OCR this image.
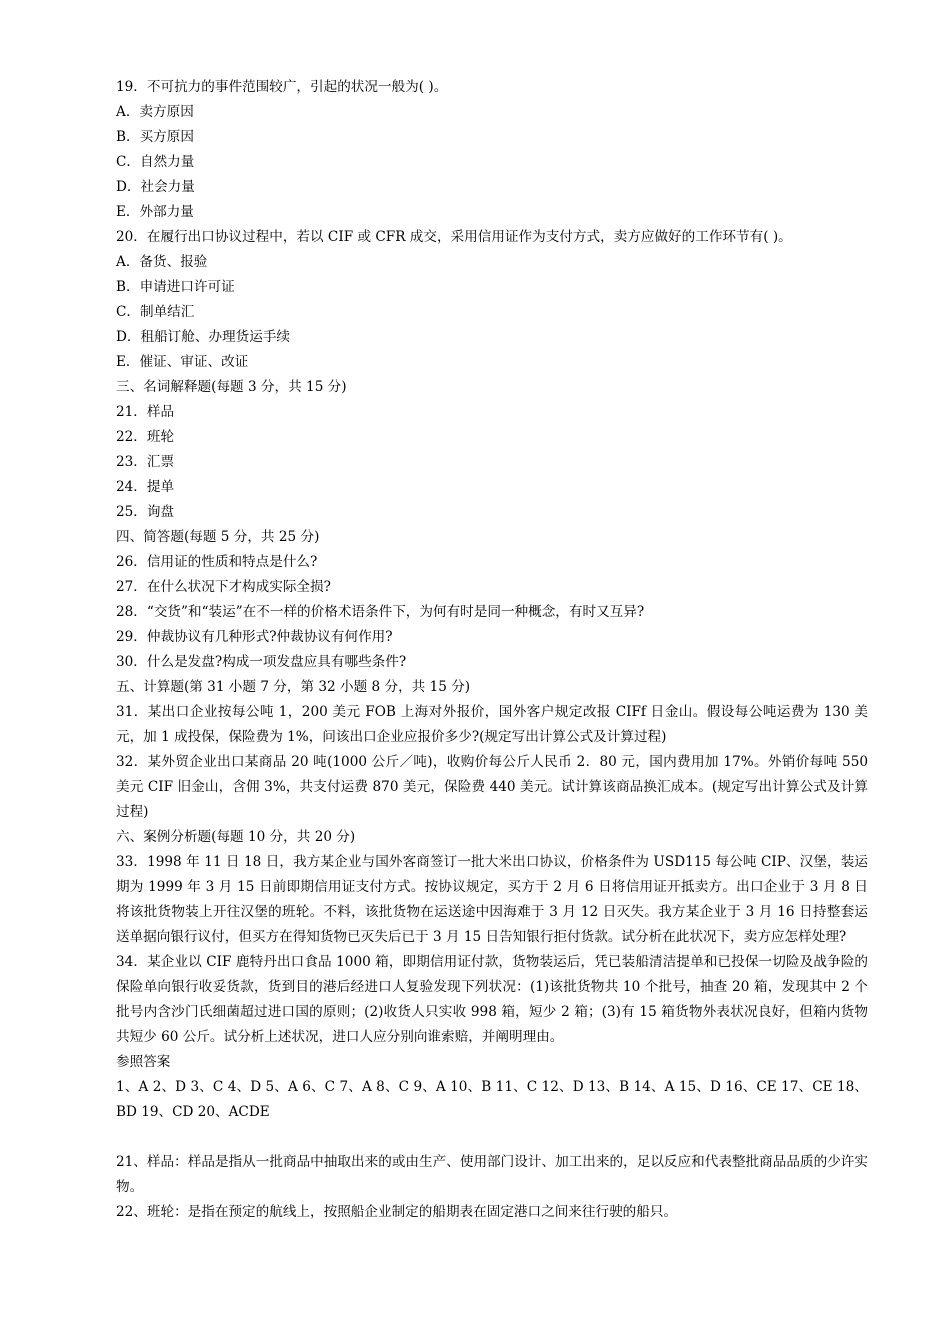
19．不可抗力的事件范围较广，引起的状况一般为( )。
A．卖方原因
B．买方原因
C．自然力量
D．社会力量
E．外部力量
20．在履行出口协议过程中，若以 CIF 或 CFR 成交，采用信用证作为支付方式，卖方应做好的工作环节有( )。
A．备货、报验
B．申请进口许可证
C．制单结汇
D．租船订舱、办理货运手续
E．催证、审证、改证
三、名词解释题(每题 3 分，共 15 分)
21．样品
22．班轮
23．汇票
24．提单
25．询盘
四、简答题(每题 5 分，共 25 分)
26．信用证的性质和特点是什么?
27．在什么状况下才构成实际全损?
28．“交货”和“装运”在不一样的价格术语条件下，为何有时是同一种概念，有时又互异?
29．仲裁协议有几种形式?仲裁协议有何作用?
30．什么是发盘?构成一项发盘应具有哪些条件?
五、计算题(第 31 小题 7 分，第 32 小题 8 分，共 15 分)
31．某出口企业按每公吨 1，200 美元 FOB 上海对外报价，国外客户规定改报 CIFf 日金山。假设每公吨运费为 130 美元，加 1 成投保，保险费为 1%，问该出口企业应报价多少?(规定写出计算公式及计算过程)
32．某外贸企业出口某商品 20 吨(1000 公斤／吨)，收购价每公斤人民币 2．80 元，国内费用加 17%。外销价每吨 550 美元 CIF 旧金山，含佣 3%，共支付运费 870 美元，保险费 440 美元。试计算该商品换汇成本。(规定写出计算公式及计算过程)
六、案例分析题(每题 10 分，共 20 分)
33．1998 年 11 日 18 日，我方某企业与国外客商签订一批大米出口协议，价格条件为 USD115 每公吨 CIP、汉堡，装运期为 1999 年 3 月 15 日前即期信用证支付方式。按协议规定，买方于 2 月 6 日将信用证开抵卖方。出口企业于 3 月 8 日将该批货物装上开往汉堡的班轮。不料，该批货物在运送途中因海难于 3 月 12 日灭失。我方某企业于 3 月 16 日持整套运送单据向银行议付，但买方在得知货物已灭失后已于 3 月 15 日告知银行拒付货款。试分析在此状况下，卖方应怎样处理?
34．某企业以 CIF 鹿特丹出口食品 1000 箱，即期信用证付款，货物装运后，凭已装船清洁提单和已投保一切险及战争险的保险单向银行收妥货款，货到目的港后经进口人复验发现下列状况：(1)该批货物共 10 个批号，抽查 20 箱，发现其中 2 个批号内含沙门氏细菌超过进口国的原则；(2)收货人只实收 998 箱，短少 2 箱；(3)有 15 箱货物外表状况良好，但箱内货物共短少 60 公斤。试分析上述状况，进口人应分别向谁索赔，并阐明理由。
参照答案
1、A 2、D 3、C 4、D 5、A 6、C 7、A 8、C 9、A 10、B 11、C 12、D 13、B 14、A 15、D 16、CE 17、CE 18、BD 19、CD 20、ACDE
21、样品：样品是指从一批商品中抽取出来的或由生产、使用部门设计、加工出来的，足以反应和代表整批商品品质的少许实物。
22、班轮：是指在预定的航线上，按照船企业制定的船期表在固定港口之间来往行驶的船只。
